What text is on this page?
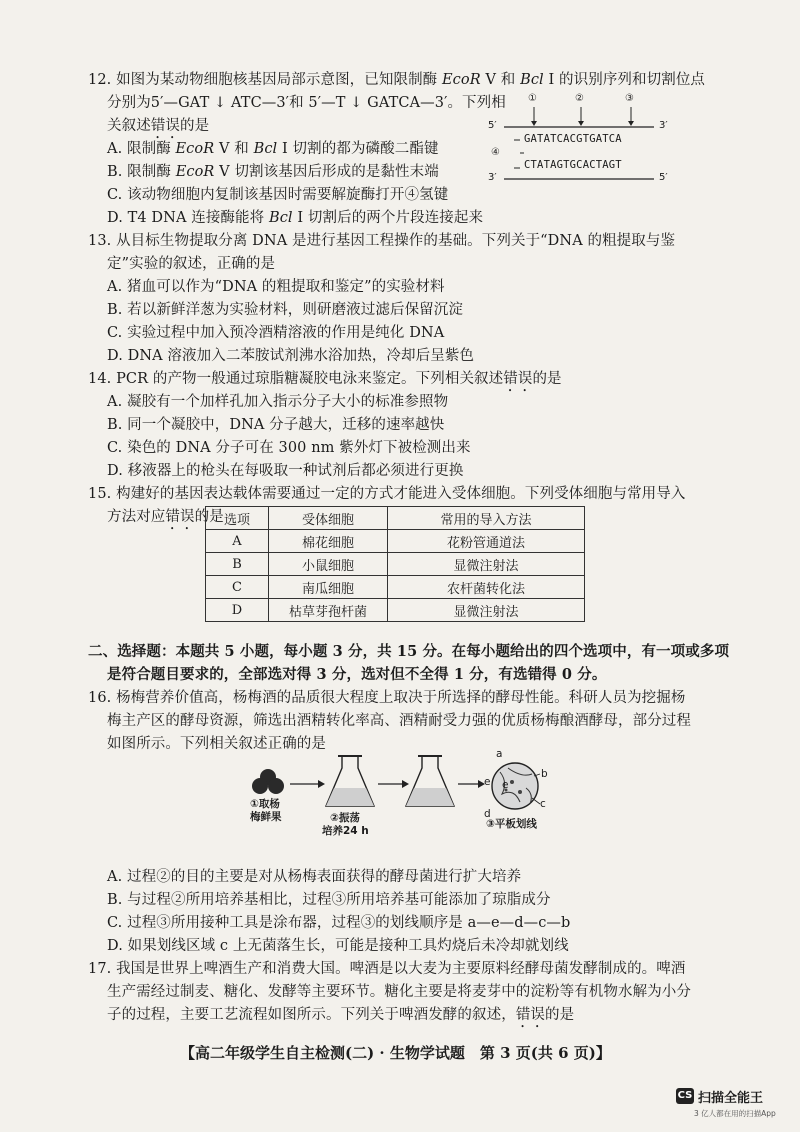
12. 如图为某动物细胞核基因局部示意图，已知限制酶 EcoR V 和 Bcl I 的识别序列和切割位点
分别为5′—GAT ↓ ATC—3′和 5′—T ↓ GATCA—3′。下列相
关叙述错误的是
A. 限制酶 EcoR V 和 Bcl I 切割的都为磷酸二酯键
B. 限制酶 EcoR V 切割该基因后形成的是黏性末端
C. 该动物细胞内复制该基因时需要解旋酶打开④氢键
D. T4 DNA 连接酶能将 Bcl I 切割后的两个片段连接起来
①	②	③
④
5′	3′
3′	5′
GATATCACGTGATCA
CTATAGTGCACTAGT
13. 从目标生物提取分离 DNA 是进行基因工程操作的基础。下列关于“DNA 的粗提取与鉴
定”实验的叙述，正确的是
A. 猪血可以作为“DNA 的粗提取和鉴定”的实验材料
B. 若以新鲜洋葱为实验材料，则研磨液过滤后保留沉淀
C. 实验过程中加入预冷酒精溶液的作用是纯化 DNA
D. DNA 溶液加入二苯胺试剂沸水浴加热，冷却后呈紫色
14. PCR 的产物一般通过琼脂糖凝胶电泳来鉴定。下列相关叙述错误的是
A. 凝胶有一个加样孔加入指示分子大小的标准参照物
B. 同一个凝胶中，DNA 分子越大，迁移的速率越快
C. 染色的 DNA 分子可在 300 nm 紫外灯下被检测出来
D. 移液器上的枪头在每吸取一种试剂后都必须进行更换
15. 构建好的基因表达载体需要通过一定的方式才能进入受体细胞。下列受体细胞与常用导入
方法对应错误的是 选项	受体细胞	常用的导入方法
A	棉花细胞	花粉管通道法
B	小鼠细胞	显微注射法
C	南瓜细胞	农杆菌转化法
D	枯草芽孢杆菌	显微注射法
二、选择题：本题共 5 小题，每小题 3 分，共 15 分。在每小题给出的四个选项中，有一项或多项
是符合题目要求的，全部选对得 3 分，选对但不全得 1 分，有选错得 0 分。
16. 杨梅营养价值高，杨梅酒的品质很大程度上取决于所选择的酵母性能。科研人员为挖掘杨
梅主产区的酵母资源，筛选出酒精转化率高、酒精耐受力强的优质杨梅酿酒酵母，部分过程
如图所示。下列相关叙述正确的是
a
b
c
d
e e
①取杨
梅鲜果	②振荡
培养24 h
③平板划线
A. 过程②的目的主要是对从杨梅表面获得的酵母菌进行扩大培养
B. 与过程②所用培养基相比，过程③所用培养基可能添加了琼脂成分
C. 过程③所用接种工具是涂布器，过程③的划线顺序是 a—e—d—c—b
D. 如果划线区域 c 上无菌落生长，可能是接种工具灼烧后未冷却就划线
17. 我国是世界上啤酒生产和消费大国。啤酒是以大麦为主要原料经酵母菌发酵制成的。啤酒
生产需经过制麦、糖化、发酵等主要环节。糖化主要是将麦芽中的淀粉等有机物水解为小分
子的过程，主要工艺流程如图所示。下列关于啤酒发酵的叙述，错误的是
【高二年级学生自主检测(二) · 生物学试题　第 3 页(共 6 页)】
CS 扫描全能王
3 亿人都在用的扫描App
